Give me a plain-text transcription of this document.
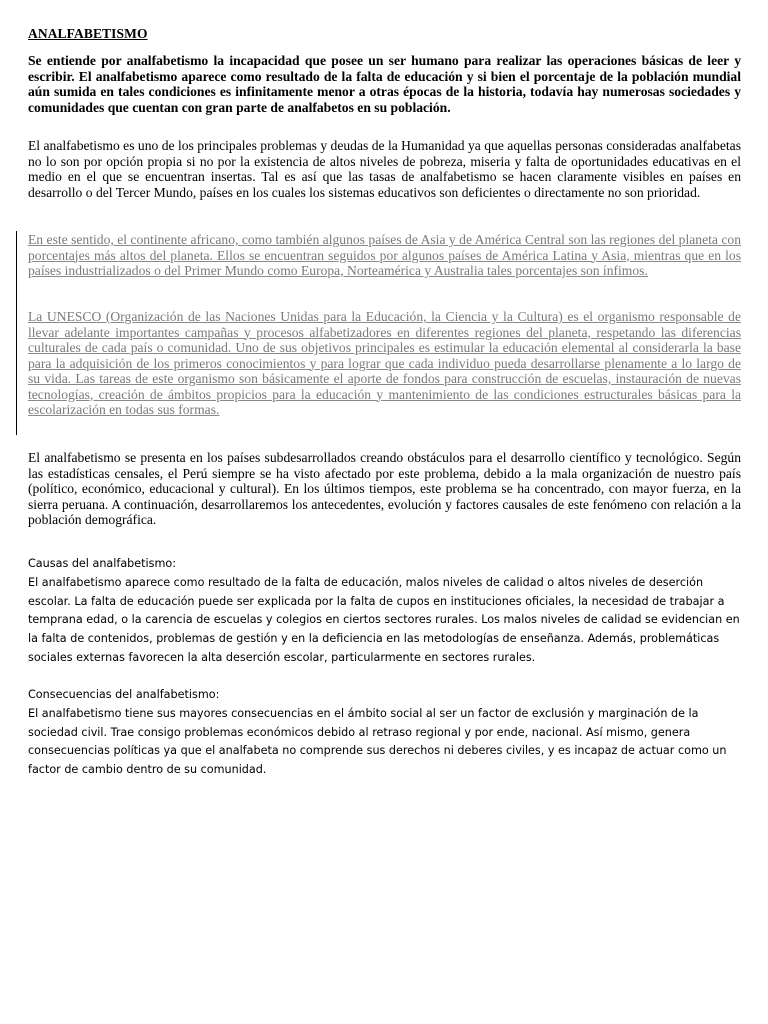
ANALFABETISMO

Se entiende por analfabetismo la incapacidad que posee un ser humano para realizar las operaciones básicas de leer y escribir. El analfabetismo aparece como resultado de la falta de educación y si bien el porcentaje de la población mundial aún sumida en tales condiciones es infinitamente menor a otras épocas de la historia, todavía hay numerosas sociedades y comunidades que cuentan con gran parte de analfabetos en su población.

El analfabetismo es uno de los principales problemas y deudas de la Humanidad ya que aquellas personas consideradas analfabetas no lo son por opción propia si no por la existencia de altos niveles de pobreza, miseria y falta de oportunidades educativas en el medio en el que se encuentran insertas. Tal es así que las tasas de analfabetismo se hacen claramente visibles en países en desarrollo o del Tercer Mundo, países en los cuales los sistemas educativos son deficientes o directamente no son prioridad.

En este sentido, el continente africano, como también algunos países de Asia y de América Central son las regiones del planeta con porcentajes más altos del planeta. Ellos se encuentran seguidos por algunos países de América Latina y Asia, mientras que en los países industrializados o del Primer Mundo como Europa, Norteamérica y Australia tales porcentajes son ínfimos.

La UNESCO (Organización de las Naciones Unidas para la Educación, la Ciencia y la Cultura) es el organismo responsable de llevar adelante importantes campañas y procesos alfabetizadores en diferentes regiones del planeta, respetando las diferencias culturales de cada país o comunidad. Uno de sus objetivos principales es estimular la educación elemental al considerarla la base para la adquisición de los primeros conocimientos y para lograr que cada individuo pueda desarrollarse plenamente a lo largo de su vida. Las tareas de este organismo son básicamente el aporte de fondos para construcción de escuelas, instauración de nuevas tecnologías, creación de ámbitos propicios para la educación y mantenimiento de las condiciones estructurales básicas para la escolarización en todas sus formas.

El analfabetismo se presenta en los países subdesarrollados creando obstáculos para el desarrollo científico y tecnológico. Según las estadísticas censales, el Perú siempre se ha visto afectado por este problema, debido a la mala organización de nuestro país (político, económico, educacional y cultural). En los últimos tiempos, este problema se ha concentrado, con mayor fuerza, en la sierra peruana. A continuación, desarrollaremos los antecedentes, evolución y factores causales de este fenómeno con relación a la población demográfica.

Causas del analfabetismo:
El analfabetismo aparece como resultado de la falta de educación, malos niveles de calidad o altos niveles de deserción escolar. La falta de educación puede ser explicada por la falta de cupos en instituciones oficiales, la necesidad de trabajar a temprana edad, o la carencia de escuelas y colegios en ciertos sectores rurales. Los malos niveles de calidad se evidencian en la falta de contenidos, problemas de gestión y en la deficiencia en las metodologías de enseñanza. Además, problemáticas sociales externas favorecen la alta deserción escolar, particularmente en sectores rurales.
Consecuencias del analfabetismo:
El analfabetismo tiene sus mayores consecuencias en el ámbito social al ser un factor de exclusión y marginación de la sociedad civil. Trae consigo problemas económicos debido al retraso regional y por ende, nacional. Así mismo, genera consecuencias políticas ya que el analfabeta no comprende sus derechos ni deberes civiles, y es incapaz de actuar como un factor de cambio dentro de su comunidad.
